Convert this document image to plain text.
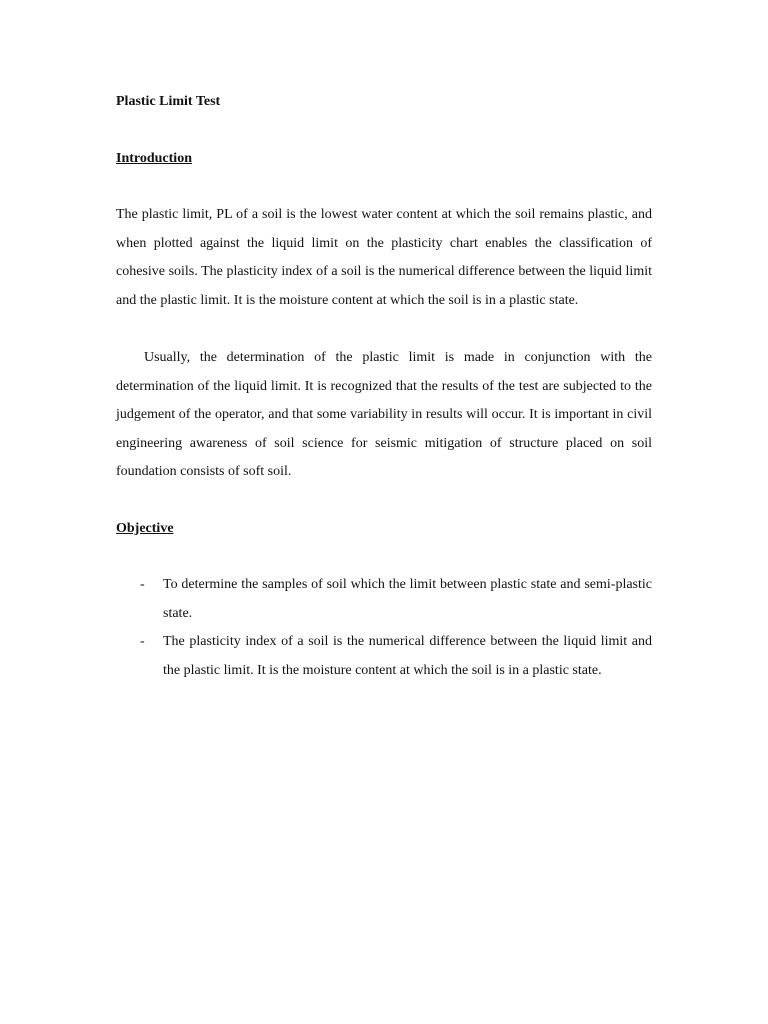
Plastic Limit Test
Introduction

The plastic limit, PL of a soil is the lowest water content at which the soil remains plastic, and when plotted against the liquid limit on the plasticity chart enables the classification of cohesive soils. The plasticity index of a soil is the numerical difference between the liquid limit and the plastic limit. It is the moisture content at which the soil is in a plastic state.

Usually, the determination of the plastic limit is made in conjunction with the determination of the liquid limit. It is recognized that the results of the test are subjected to the judgement of the operator, and that some variability in results will occur. It is important in civil engineering awareness of soil science for seismic mitigation of structure placed on soil foundation consists of soft soil.

Objective
- To determine the samples of soil which the limit between plastic state and semi-plastic state.
- The plasticity index of a soil is the numerical difference between the liquid limit and the plastic limit. It is the moisture content at which the soil is in a plastic state.
